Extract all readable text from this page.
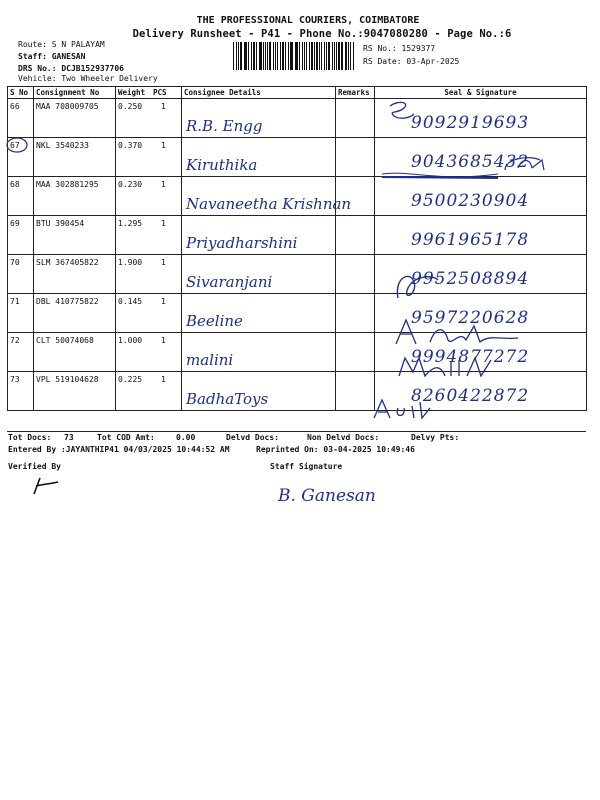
THE PROFESSIONAL COURIERS, COIMBATORE
Delivery Runsheet - P41 - Phone No.:9047080280 - Page No.:6
Route: S N PALAYAM
Staff: GANESAN
DRS No.: DCJB152937706
Vehicle: Two Wheeler Delivery
RS No.: 1529377
RS Date: 03-Apr-2025
S No	Consignment No	Weight PCS	Consignee Details	Remarks	Seal & Signature
66	MAA 708009705	0.250 1	R.B. Engg		9092919693

67	NKL 3540233	0.370 1	Kiruthika		9043685432

68	MAA 302881295	0.230 1	Navaneetha Krishnan		9500230904

69	BTU 390454	1.295 1	Priyadharshini		9961965178

70	SLM 367405822	1.900 1	Sivaranjani		9952508894

71	DBL 410775822	0.145 1	Beeline		9597220628

72	CLT 50074068	1.000 1	malini		9994877272

73	VPL 519104628	0.225 1	BadhaToys		8260422872
Tot Docs: 73	Tot COD Amt:	0.00	Delvd Docs:	Non Delvd Docs:	Delvy Pts:
Entered By :JAYANTHIP41 04/03/2025 10:44:52 AM	Reprinted On: 03-04-2025 10:49:46
Verified By	Staff Signature
B. Ganesan
